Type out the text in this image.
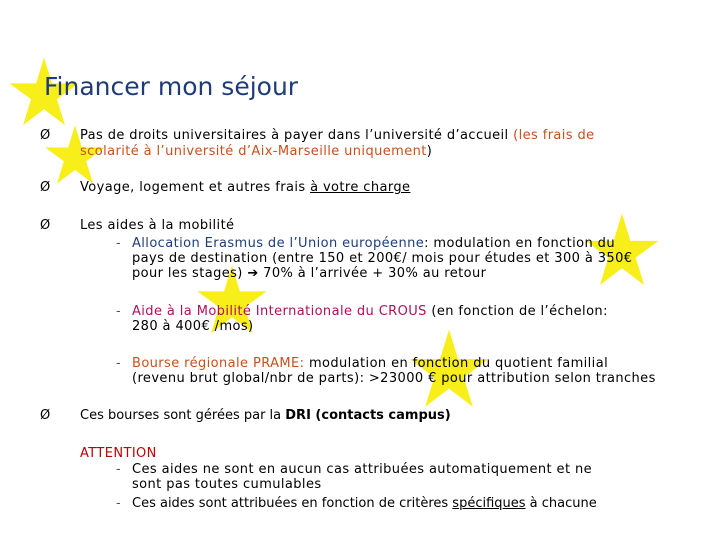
Financer mon séjour
Ø Pas de droits universitaires à payer dans l’université d’accueil (les frais de
scolarité à l’université d’Aix-Marseille uniquement)
Ø Voyage, logement et autres frais à votre charge
Ø Les aides à la mobilité
- Allocation Erasmus de l’Union européenne: modulation en fonction du
pays de destination (entre 150 et 200€/ mois pour études et 300 à 350€
pour les stages) ➔ 70% à l’arrivée + 30% au retour
- Aide à la Mobilité Internationale du CROUS (en fonction de l’échelon:
280 à 400€ /mos)
- Bourse régionale PRAME: modulation en fonction du quotient familial
(revenu brut global/nbr de parts): >23000 € pour attribution selon tranches
Ø Ces bourses sont gérées par la DRI (contacts campus)
ATTENTION
- Ces aides ne sont en aucun cas attribuées automatiquement et ne
sont pas toutes cumulables
- Ces aides sont attribuées en fonction de critères spécifiques à chacune
